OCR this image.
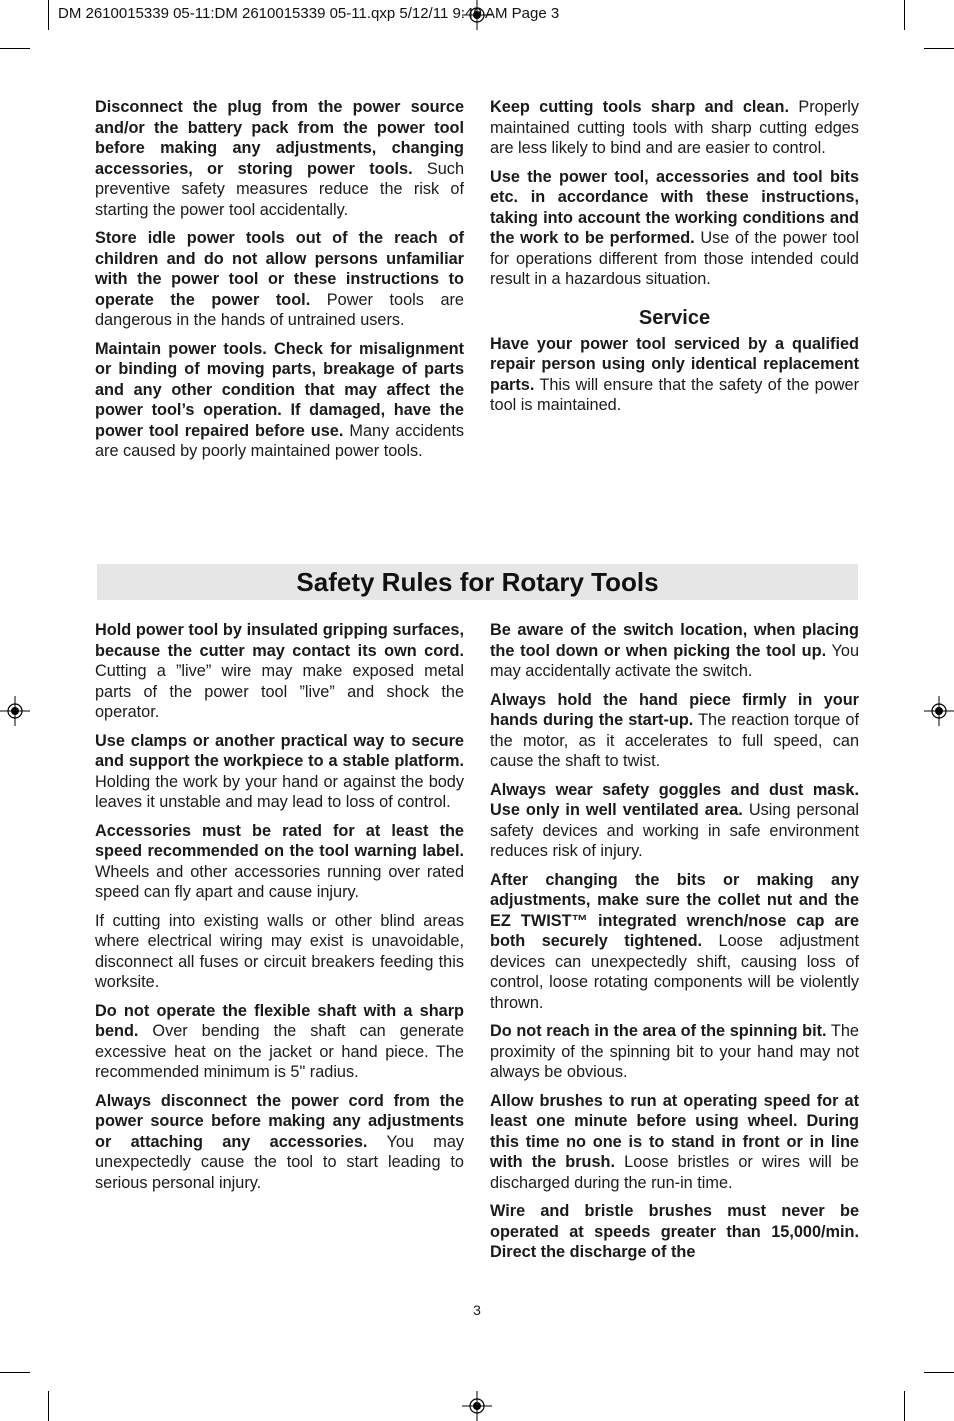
DM 2610015339 05-11:DM 2610015339 05-11.qxp 5/12/11 9:40 AM Page 3

Disconnect the plug from the power source and/or the battery pack from the power tool before making any adjustments, changing accessories, or storing power tools. Such preventive safety measures reduce the risk of starting the power tool accidentally.

Store idle power tools out of the reach of children and do not allow persons unfamiliar with the power tool or these instructions to operate the power tool. Power tools are dangerous in the hands of untrained users.

Maintain power tools. Check for misalignment or binding of moving parts, breakage of parts and any other condition that may affect the power tool’s operation. If damaged, have the power tool repaired before use. Many accidents are caused by poorly maintained power tools.

Keep cutting tools sharp and clean. Properly maintained cutting tools with sharp cutting edges are less likely to bind and are easier to control.

Use the power tool, accessories and tool bits etc. in accordance with these instructions, taking into account the working conditions and the work to be performed. Use of the power tool for operations different from those intended could result in a hazardous situation.

Service

Have your power tool serviced by a qualified repair person using only identical replacement parts. This will ensure that the safety of the power tool is maintained.

Safety Rules for Rotary Tools

Hold power tool by insulated gripping surfaces, because the cutter may contact its own cord. Cutting a ”live” wire may make exposed metal parts of the power tool ”live” and shock the operator.

Use clamps or another practical way to secure and support the workpiece to a stable platform. Holding the work by your hand or against the body leaves it unstable and may lead to loss of control.

Accessories must be rated for at least the speed recommended on the tool warning label. Wheels and other accessories running over rated speed can fly apart and cause injury.

If cutting into existing walls or other blind areas where electrical wiring may exist is unavoidable, disconnect all fuses or circuit breakers feeding this worksite.

Do not operate the flexible shaft with a sharp bend. Over bending the shaft can generate excessive heat on the jacket or hand piece. The recommended minimum is 5" radius.

Always disconnect the power cord from the power source before making any adjustments or attaching any accessories. You may unexpectedly cause the tool to start leading to serious personal injury.

Be aware of the switch location, when placing the tool down or when picking the tool up. You may accidentally activate the switch.

Always hold the hand piece firmly in your hands during the start-up. The reaction torque of the motor, as it accelerates to full speed, can cause the shaft to twist.

Always wear safety goggles and dust mask. Use only in well ventilated area. Using personal safety devices and working in safe environment reduces risk of injury.

After changing the bits or making any adjustments, make sure the collet nut and the EZ TWIST™ integrated wrench/nose cap are both securely tightened. Loose adjustment devices can unexpectedly shift, causing loss of control, loose rotating components will be violently thrown.

Do not reach in the area of the spinning bit. The proximity of the spinning bit to your hand may not always be obvious.

Allow brushes to run at operating speed for at least one minute before using wheel. During this time no one is to stand in front or in line with the brush. Loose bristles or wires will be discharged during the run-in time.

Wire and bristle brushes must never be operated at speeds greater than 15,000/min. Direct the discharge of the

3
